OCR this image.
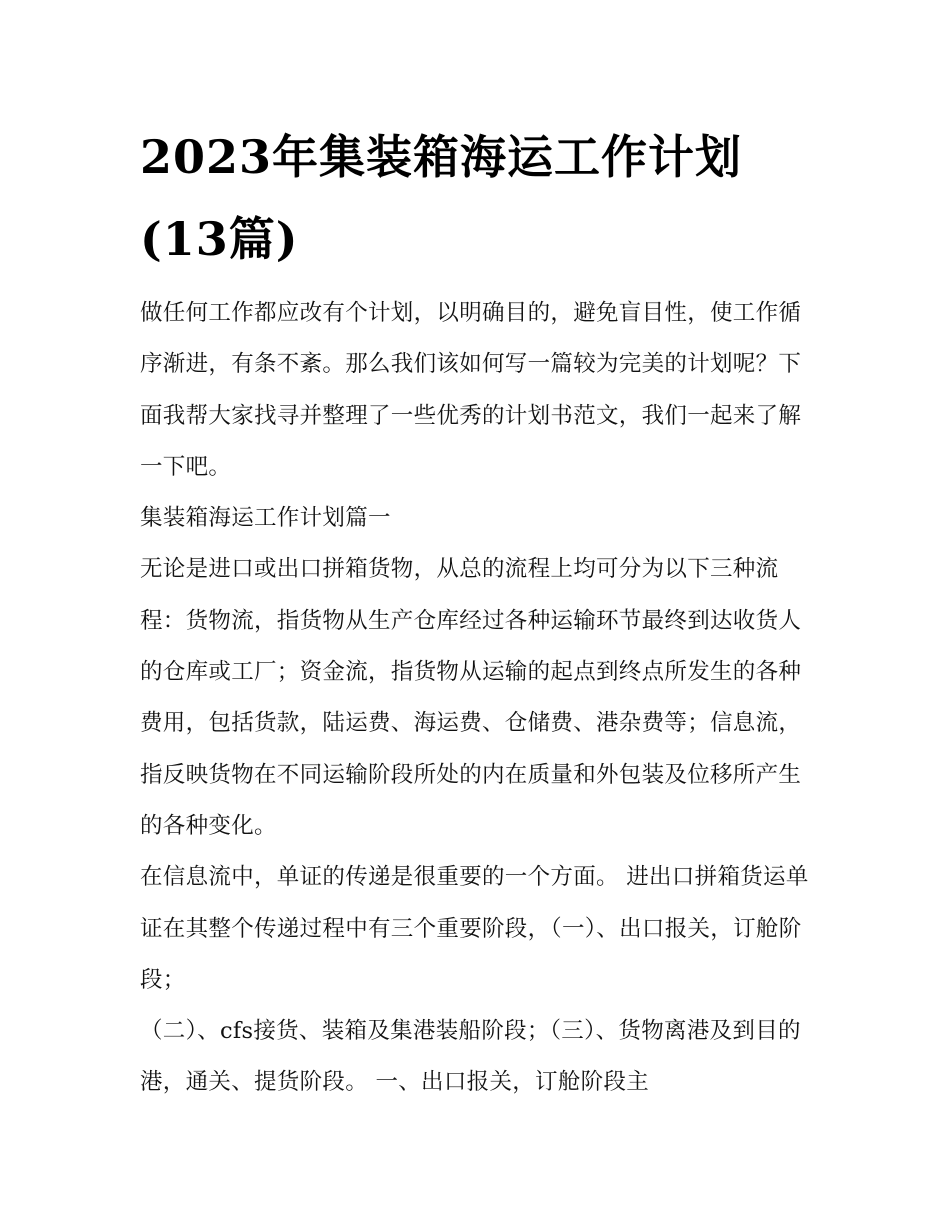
2023年集装箱海运工作计划(13篇)

做任何工作都应改有个计划，以明确目的，避免盲目性，使工作循序渐进，有条不紊。那么我们该如何写一篇较为完美的计划呢？下面我帮大家找寻并整理了一些优秀的计划书范文，我们一起来了解一下吧。

集装箱海运工作计划篇一

无论是进口或出口拼箱货物，从总的流程上均可分为以下三种流程：货物流，指货物从生产仓库经过各种运输环节最终到达收货人的仓库或工厂；资金流，指货物从运输的起点到终点所发生的各种费用，包括货款，陆运费、海运费、仓储费、港杂费等；信息流，指反映货物在不同运输阶段所处的内在质量和外包装及位移所产生的各种变化。

在信息流中，单证的传递是很重要的一个方面。 进出口拼箱货运单证在其整个传递过程中有三个重要阶段，（一）、出口报关，订舱阶段；

（二）、cfs接货、装箱及集港装船阶段；（三）、货物离港及到目的港，通关、提货阶段。 一、出口报关，订舱阶段主
